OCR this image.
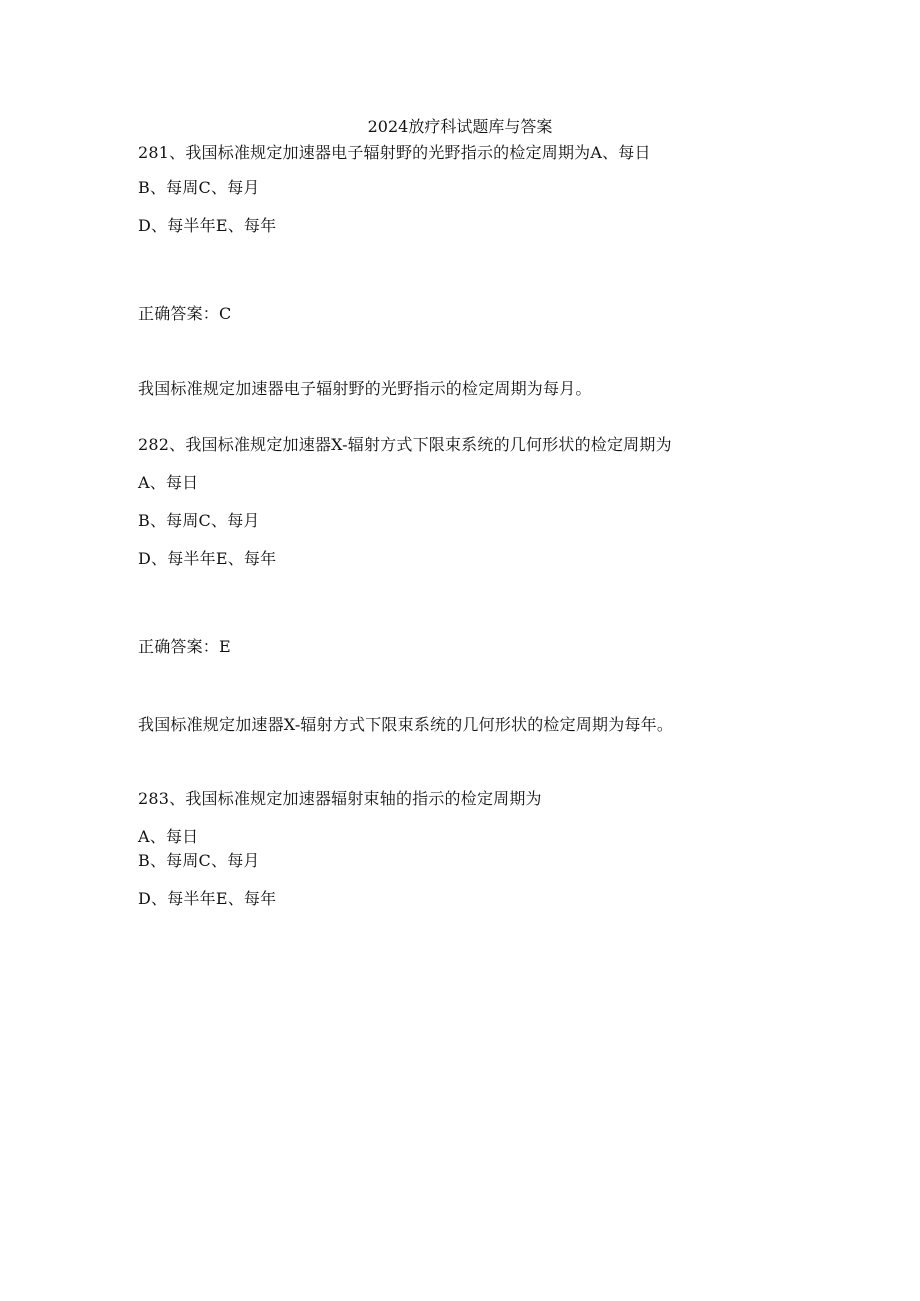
2024放疗科试题库与答案
281、我国标准规定加速器电子辐射野的光野指示的检定周期为A、每日
B、每周C、每月
D、每半年E、每年
正确答案：C
我国标准规定加速器电子辐射野的光野指示的检定周期为每月。
282、我国标准规定加速器X-辐射方式下限束系统的几何形状的检定周期为
A、每日
B、每周C、每月
D、每半年E、每年
正确答案：E
我国标准规定加速器X-辐射方式下限束系统的几何形状的检定周期为每年。
283、我国标准规定加速器辐射束轴的指示的检定周期为
A、每日
B、每周C、每月
D、每半年E、每年
